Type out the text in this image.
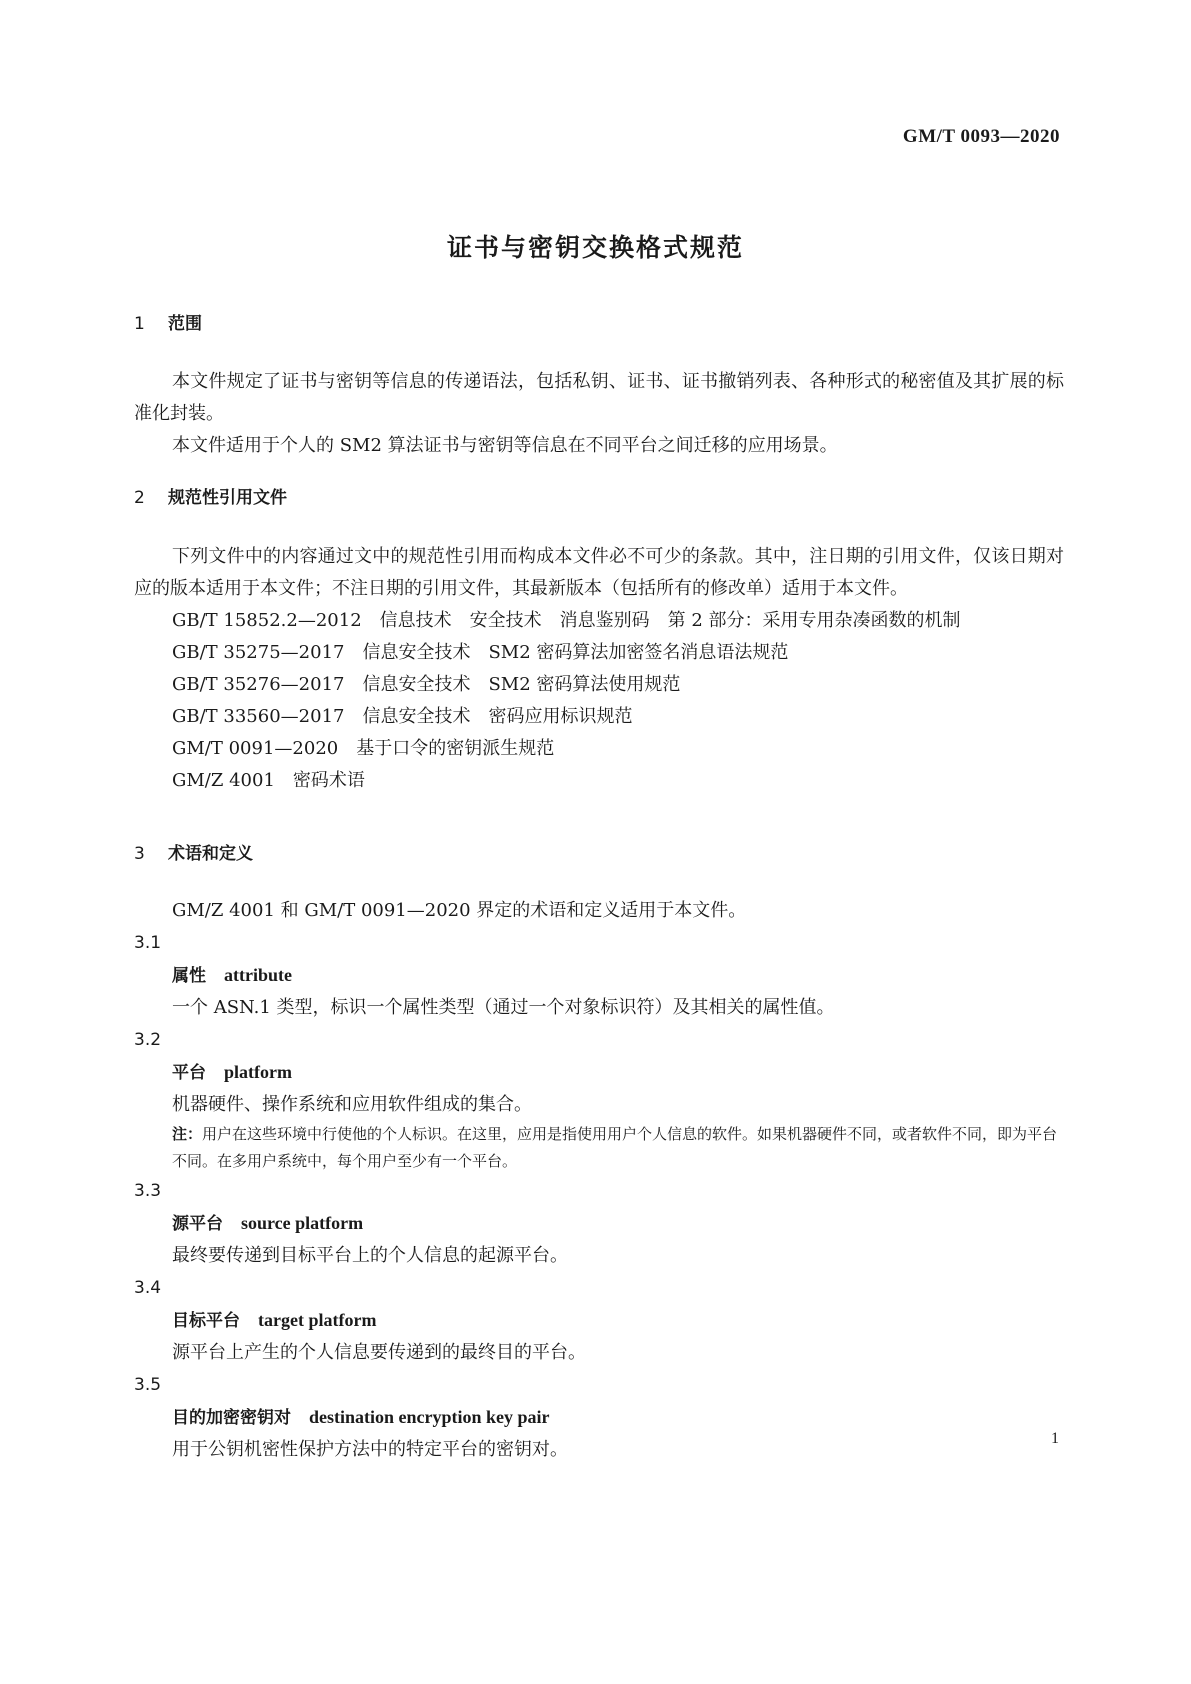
GM/T 0093—2020
证书与密钥交换格式规范
1 范围

本文件规定了证书与密钥等信息的传递语法，包括私钥、证书、证书撤销列表、各种形式的秘密值及其扩展的标准化封装。

本文件适用于个人的 SM2 算法证书与密钥等信息在不同平台之间迁移的应用场景。

2 规范性引用文件

下列文件中的内容通过文中的规范性引用而构成本文件必不可少的条款。其中，注日期的引用文件，仅该日期对应的版本适用于本文件；不注日期的引用文件，其最新版本（包括所有的修改单）适用于本文件。

GB/T 15852.2—2012　信息技术　安全技术　消息鉴别码　第 2 部分：采用专用杂凑函数的机制

GB/T 35275—2017　信息安全技术　SM2 密码算法加密签名消息语法规范

GB/T 35276—2017　信息安全技术　SM2 密码算法使用规范

GB/T 33560—2017　信息安全技术　密码应用标识规范

GM/T 0091—2020　基于口令的密钥派生规范

GM/Z 4001　密码术语

3 术语和定义

GM/Z 4001 和 GM/T 0091—2020 界定的术语和定义适用于本文件。

3.1
属性 attribute

一个 ASN.1 类型，标识一个属性类型（通过一个对象标识符）及其相关的属性值。

3.2
平台 platform

机器硬件、操作系统和应用软件组成的集合。

注：用户在这些环境中行使他的个人标识。在这里，应用是指使用用户个人信息的软件。如果机器硬件不同，或者软件不同，即为平台不同。在多用户系统中，每个用户至少有一个平台。

3.3
源平台 source platform

最终要传递到目标平台上的个人信息的起源平台。

3.4
目标平台 target platform

源平台上产生的个人信息要传递到的最终目的平台。

3.5
目的加密密钥对 destination encryption key pair

用于公钥机密性保护方法中的特定平台的密钥对。

1
